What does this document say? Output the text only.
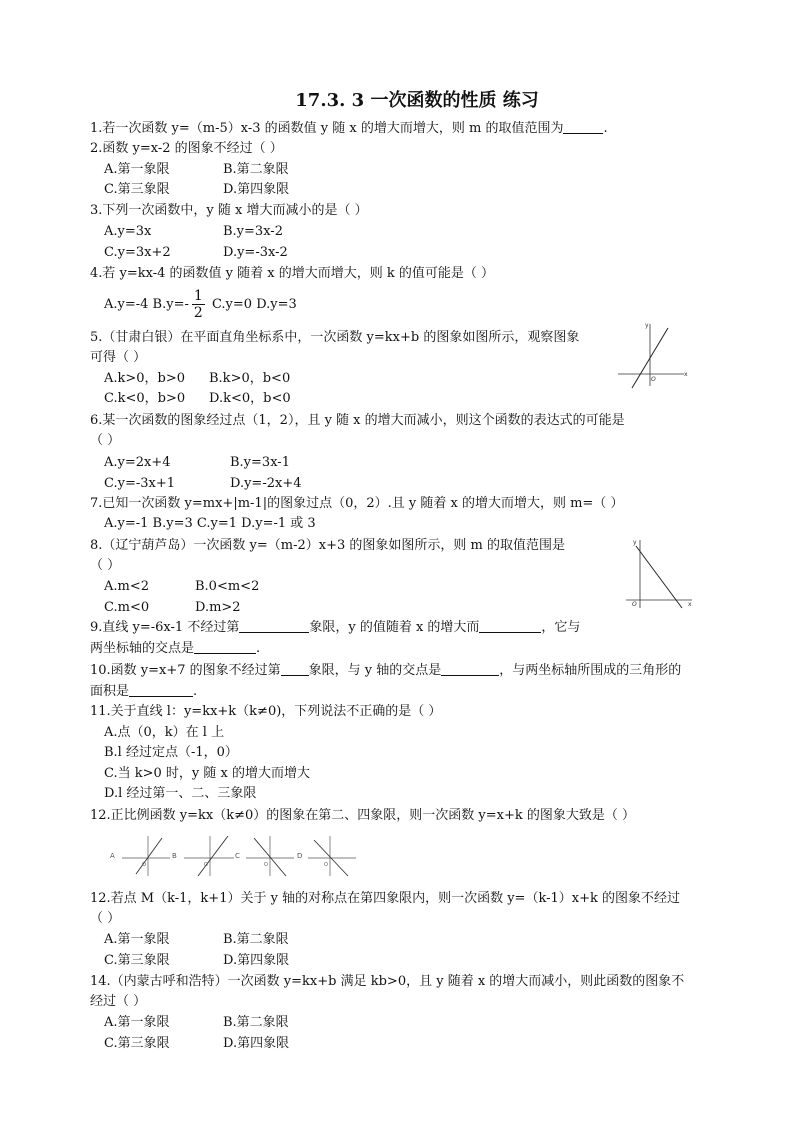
17.3. 3 一次函数的性质 练习
1.若一次函数 y=（m-5）x-3 的函数值 y 随 x 的增大而增大，则 m 的取值范围为	.
2.函数 y=x-2 的图象不经过（ ）
A.第一象限	B.第二象限
C.第三象限	D.第四象限
3.下列一次函数中，y 随 x 增大而减小的是（ ）
A.y=3x	B.y=3x-2
C.y=3x+2	D.y=-3x-2
4.若 y=kx-4 的函数值 y 随着 x 的增大而增大，则 k 的值可能是（ ）
A.y=-4 $B.y=- \frac{1}{2} C.y=0$ D.y=3
5.（甘肃白银）在平面直角坐标系中，一次函数 y=kx+b 的图象如图所示，观察图象
可得（ ）
A.k>0，b>0 B.k>0，b<0
C.k<0，b>0 D.k<0，b<0
y
x
O
6.某一次函数的图象经过点（1，2），且 y 随 x 的增大而减小，则这个函数的表达式的可能是
（ ）
A.y=2x+4	B.y=3x-1
C.y=-3x+1	D.y=-2x+4
7.已知一次函数 y=mx+|m-1|的图象过点（0，2）.且 y 随着 x 的增大而增大，则 m=（ ）
A.y=-1 B.y=3 C.y=1 D.y=-1 或 3
8.（辽宁葫芦岛）一次函数 y=（m-2）x+3 的图象如图所示，则 m 的取值范围是
（ ）
A.m<2	B.0<m<2
C.m<0	D.m>2
y
x
O
9.直线 y=-6x-1 不经过第	象限，y 的值随着 x 的增大而	，它与
两坐标轴的交点是	.
10.函数 y=x+7 的图象不经过第 象限，与 y 轴的交点是	，与两坐标轴所围成的三角形的
面积是	.
11.关于直线 l：y=kx+k（k≠0)，下列说法不正确的是（ ）
A.点（0，k）在 l 上
B.l 经过定点（-1，0）
C.当 k>0 时，y 随 x 的增大而增大
D.l 经过第一、二、三象限
12.正比例函数 y=kx（k≠0）的图象在第二、四象限，则一次函数 y=x+k 的图象大致是（ ）
A
O
B
O
C
O
D
O
12.若点 M（k-1，k+1）关于 y 轴的对称点在第四象限内，则一次函数 y=（k-1）x+k 的图象不经过
（ ）
A.第一象限	B.第二象限
C.第三象限	D.第四象限
14.（内蒙古呼和浩特）一次函数 y=kx+b 满足 kb>0，且 y 随着 x 的增大而减小，则此函数的图象不
经过（ ）
A.第一象限	B.第二象限
C.第三象限	D.第四象限
